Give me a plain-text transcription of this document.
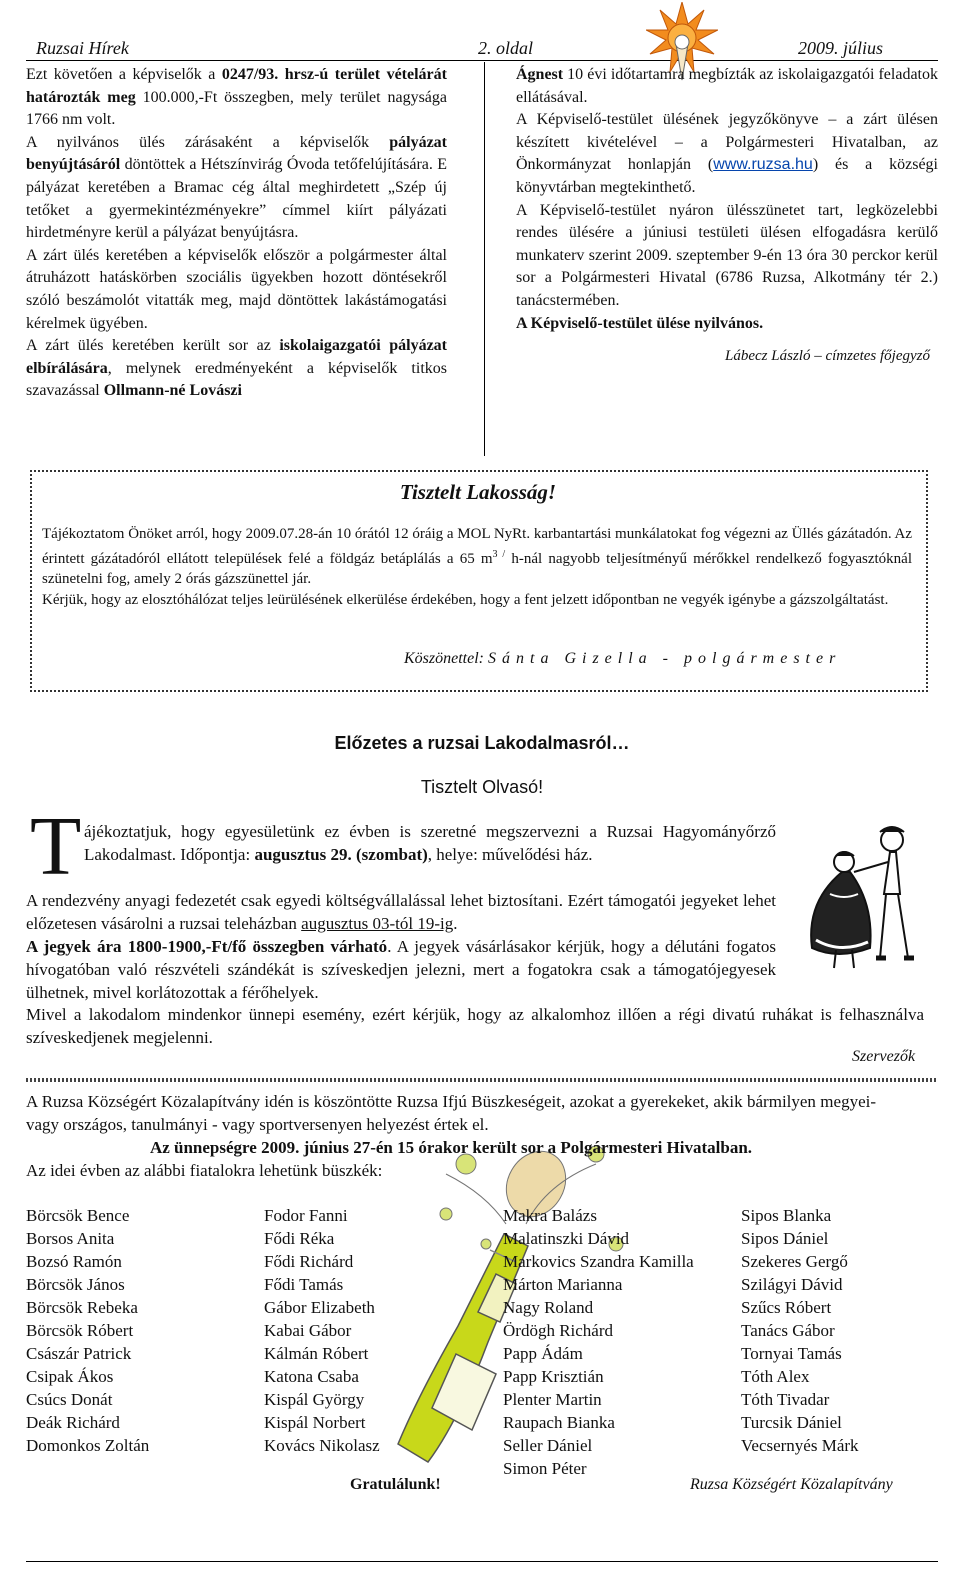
Ruzsai Hírek	2. oldal	2009. július

Ezt követően a képviselők a 0247/93. hrsz-ú terület vételárát határozták meg 100.000,-Ft összegben, mely terület nagysága 1766 nm volt.

A nyilvános ülés zárásaként a képviselők pályázat benyújtásáról döntöttek a Hétszínvirág Óvoda tetőfelújítására. E pályázat keretében a Bramac cég által meghirdetett „Szép új tetőket a gyermekintézményekre” címmel kiírt pályázati hirdetményre kerül a pályázat benyújtásra.

A zárt ülés keretében a képviselők először a polgármester által átruházott hatáskörben szociális ügyekben hozott döntésekről szóló beszámolót vitatták meg, majd döntöttek lakástámogatási kérelmek ügyében.

A zárt ülés keretében került sor az iskolaigazgatói pályázat elbírálására, melynek eredményeként a képviselők titkos szavazással Ollmann-né Lovászi

Ágnest 10 évi időtartamra megbízták az iskolaigazgatói feladatok ellátásával.

A Képviselő-testület ülésének jegyzőkönyve – a zárt ülésen készített kivételével – a Polgármesteri Hivatalban, az Önkormányzat honlapján (www.ruzsa.hu) és a községi könyvtárban megtekinthető.

A Képviselő-testület nyáron ülésszünetet tart, legközelebbi rendes ülésére a júniusi testületi ülésen elfogadásra kerülő munkaterv szerint 2009. szeptember 9-én 13 óra 30 perckor kerül sor a Polgármesteri Hivatal (6786 Ruzsa, Alkotmány tér 2.) tanácstermében.

A Képviselő-testület ülése nyilvános.

Lábecz László – címzetes főjegyző

Tisztelt Lakosság!

Tájékoztatom Önöket arról, hogy 2009.07.28-án 10 órától 12 óráig a MOL NyRt. karbantartási munkálatokat fog végezni az Üllés gázátadón. Az érintett gázátadóról ellátott települések felé a földgáz betáplálás a 65 $m^{3 /}$ h-nál nagyobb teljesítményű mérőkkel rendelkező fogyasztóknál szünetelni fog, amely 2 órás gázszünettel jár.

Kérjük, hogy az elosztóhálózat teljes leürülésének elkerülése érdekében, hogy a fent jelzett időpontban ne vegyék igénybe a gázszolgáltatást.

Köszönettel: Sánta Gizella - polgármester
Előzetes a ruzsai Lakodalmasról…
Tisztelt Olvasó!
T ájékoztatjuk, hogy egyesületünk ez évben is szeretné megszervezni a Ruzsai Hagyományőrző Lakodalmast. Időpontja: augusztus 29. (szombat), helye: művelődési ház.

A rendezvény anyagi fedezetét csak egyedi költségvállalással lehet biztosítani. Ezért támogatói jegyeket lehet előzetesen vásárolni a ruzsai teleházban augusztus 03-tól 19-ig.

A jegyek ára 1800-1900,-Ft/fő összegben várható. A jegyek vásárlásakor kérjük, hogy a délutáni fogatos hívogatóban való részvételi szándékát is szíveskedjen jelezni, mert a fogatokra csak a támogatójegyesek ülhetnek, mivel korlátozottak a férőhelyek.

Mivel a lakodalom mindenkor ünnepi esemény, ezért kérjük, hogy az alkalomhoz illően a régi divatú ruhákat is felhasználva szíveskedjenek megjelenni.

Szervezők

A Ruzsa Községért Közalapítvány idén is köszöntötte Ruzsa Ifjú Büszkeségeit, azokat a gyerekeket, akik bármilyen megyei-vagy országos, tanulmányi - vagy sportversenyen helyezést értek el.

Az ünnepségre 2009. június 27-én 15 órakor került sor a Polgármesteri Hivatalban.

Az idei évben az alábbi fiatalokra lehetünk büszkék:

Börcsök Bence
Borsos Anita
Bozsó Ramón
Börcsök János
Börcsök Rebeka
Börcsök Róbert
Császár Patrick
Csipak Ákos
Csúcs Donát
Deák Richárd
Domonkos Zoltán
Fodor Fanni
Fődi Réka
Fődi Richárd
Fődi Tamás
Gábor Elizabeth
Kabai Gábor
Kálmán Róbert
Katona Csaba
Kispál György
Kispál Norbert
Kovács Nikolasz
Makra Balázs
Malatinszki Dávid
Markovics Szandra Kamilla
Márton Marianna
Nagy Roland
Ördögh Richárd
Papp Ádám
Papp Krisztián
Plenter Martin
Raupach Bianka
Seller Dániel
Simon Péter
Sipos Blanka
Sipos Dániel
Szekeres Gergő
Szilágyi Dávid
Szűcs Róbert
Tanács Gábor
Tornyai Tamás
Tóth Alex
Tóth Tivadar
Turcsik Dániel
Vecsernyés Márk
Gratulálunk!	Ruzsa Községért Közalapítvány
